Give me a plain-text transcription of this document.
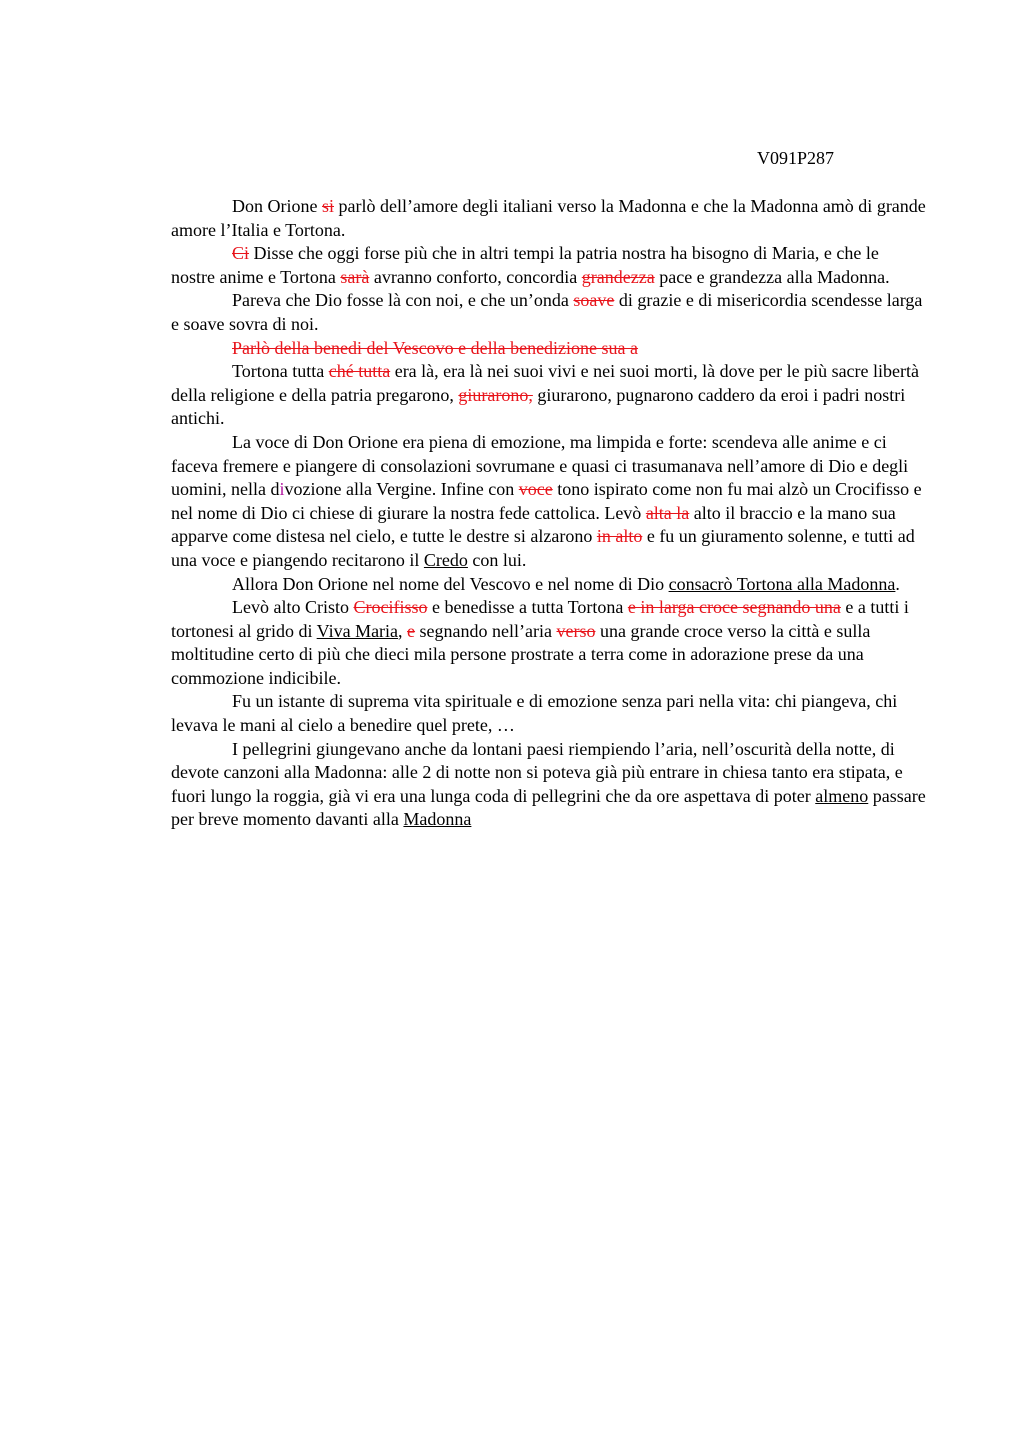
V091P287

Don Orione si parlò dell’amore degli italiani verso la Madonna e che la Madonna amò di grande amore l’Italia e Tortona.

Ci Disse che oggi forse più che in altri tempi la patria nostra ha bisogno di Maria, e che le nostre anime e Tortona sarà avranno conforto, concordia grandezza pace e grandezza alla Madonna.

Pareva che Dio fosse là con noi, e che un’onda soave di grazie e di misericordia scendesse larga e soave sovra di noi.

Parlò della benedi del Vescovo e della benedizione sua a

Tortona tutta ché tutta era là, era là nei suoi vivi e nei suoi morti, là dove per le più sacre libertà della religione e della patria pregarono, giurarono, giurarono, pugnarono caddero da eroi i padri nostri antichi.

La voce di Don Orione era piena di emozione, ma limpida e forte: scendeva alle anime e ci faceva fremere e piangere di consolazioni sovrumane e quasi ci trasumanava nell’amore di Dio e degli uomini, nella divozione alla Vergine. Infine con voce tono ispirato come non fu mai alzò un Crocifisso e nel nome di Dio ci chiese di giurare la nostra fede cattolica. Levò alta la alto il braccio e la mano sua apparve come distesa nel cielo, e tutte le destre si alzarono in alto e fu un giuramento solenne, e tutti ad una voce e piangendo recitarono il Credo con lui.

Allora Don Orione nel nome del Vescovo e nel nome di Dio consacrò Tortona alla Madonna.

Levò alto Cristo Crocifisso e benedisse a tutta Tortona e in larga croce segnando una e a tutti i tortonesi al grido di Viva Maria, e segnando nell’aria verso una grande croce verso la città e sulla moltitudine certo di più che dieci mila persone prostrate a terra come in adorazione prese da una commozione indicibile.

Fu un istante di suprema vita spirituale e di emozione senza pari nella vita: chi piangeva, chi levava le mani al cielo a benedire quel prete, …

I pellegrini giungevano anche da lontani paesi riempiendo l’aria, nell’oscurità della notte, di devote canzoni alla Madonna: alle 2 di notte non si poteva già più entrare in chiesa tanto era stipata, e fuori lungo la roggia, già vi era una lunga coda di pellegrini che da ore aspettava di poter almeno passare per breve momento davanti alla Madonna
